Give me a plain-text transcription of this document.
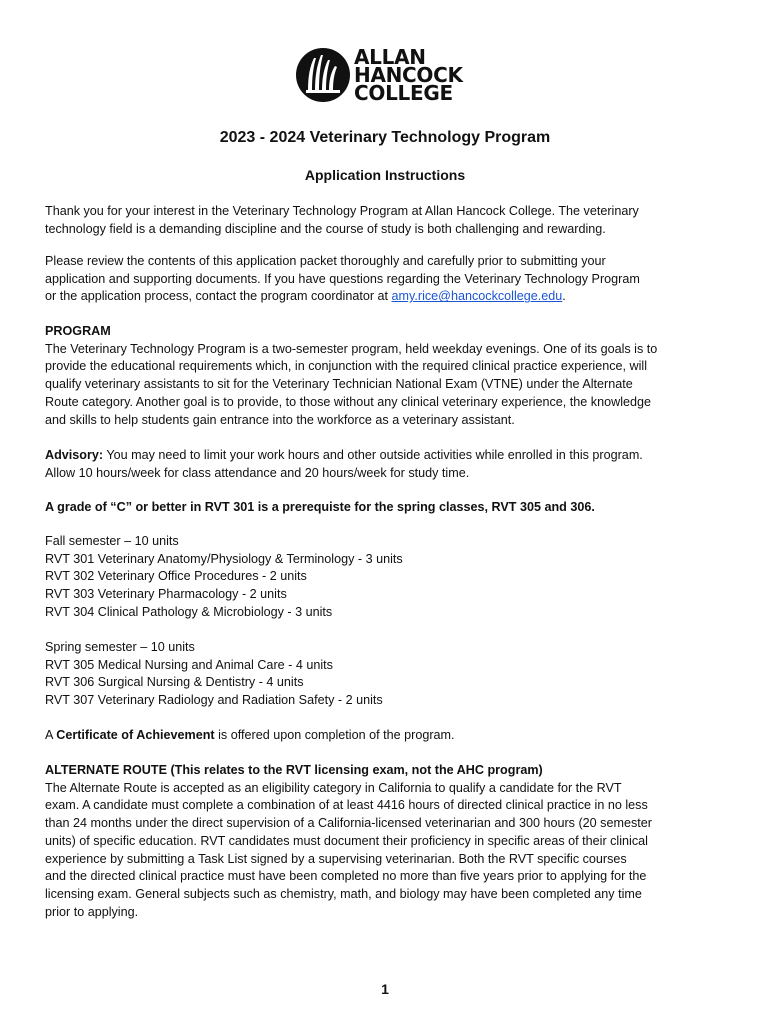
ALLAN
HANCOCK
COLLEGE
2023 - 2024 Veterinary Technology Program
Application Instructions

Thank you for your interest in the Veterinary Technology Program at Allan Hancock College. The veterinary
technology field is a demanding discipline and the course of study is both challenging and rewarding.

Please review the contents of this application packet thoroughly and carefully prior to submitting your
application and supporting documents. If you have questions regarding the Veterinary Technology Program
or the application process, contact the program coordinator at amy.rice@hancockcollege.edu.

PROGRAM
The Veterinary Technology Program is a two-semester program, held weekday evenings. One of its goals is to
provide the educational requirements which, in conjunction with the required clinical practice experience, will
qualify veterinary assistants to sit for the Veterinary Technician National Exam (VTNE) under the Alternate
Route category. Another goal is to provide, to those without any clinical veterinary experience, the knowledge
and skills to help students gain entrance into the workforce as a veterinary assistant.

Advisory: You may need to limit your work hours and other outside activities while enrolled in this program.
Allow 10 hours/week for class attendance and 20 hours/week for study time.

A grade of “C” or better in RVT 301 is a prerequiste for the spring classes, RVT 305 and 306.

Fall semester – 10 units
RVT 301 Veterinary Anatomy/Physiology & Terminology - 3 units
RVT 302 Veterinary Office Procedures - 2 units
RVT 303 Veterinary Pharmacology - 2 units
RVT 304 Clinical Pathology & Microbiology - 3 units
Spring semester – 10 units
RVT 305 Medical Nursing and Animal Care - 4 units
RVT 306 Surgical Nursing & Dentistry - 4 units
RVT 307 Veterinary Radiology and Radiation Safety - 2 units

A Certificate of Achievement is offered upon completion of the program.

ALTERNATE ROUTE (This relates to the RVT licensing exam, not the AHC program)
The Alternate Route is accepted as an eligibility category in California to qualify a candidate for the RVT
exam. A candidate must complete a combination of at least 4416 hours of directed clinical practice in no less
than 24 months under the direct supervision of a California-licensed veterinarian and 300 hours (20 semester
units) of specific education. RVT candidates must document their proficiency in specific areas of their clinical
experience by submitting a Task List signed by a supervising veterinarian. Both the RVT specific courses
and the directed clinical practice must have been completed no more than five years prior to applying for the
licensing exam. General subjects such as chemistry, math, and biology may have been completed any time
prior to applying.
1
